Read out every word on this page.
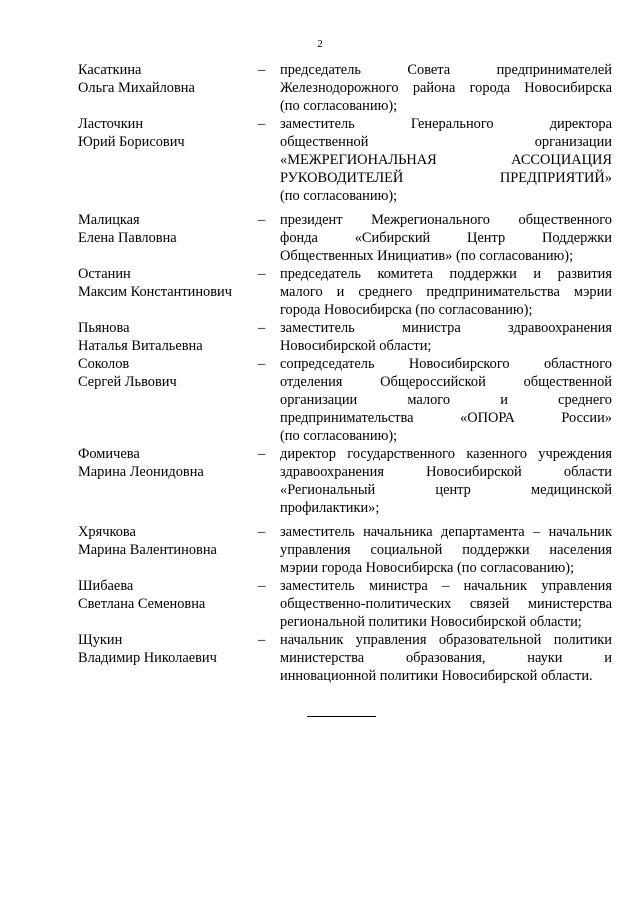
2
Касаткина
Ольга Михайловна
–	председатель Совета предпринимателей
Железнодорожного района города Новосибирска
(по согласованию);
Ласточкин
Юрий Борисович
–	заместитель Генерального директора
общественной организации
«МЕЖРЕГИОНАЛЬНАЯ АССОЦИАЦИЯ
РУКОВОДИТЕЛЕЙ ПРЕДПРИЯТИЙ»
(по согласованию);
Малицкая
Елена Павловна
–	президент Межрегионального общественного
фонда «Сибирский Центр Поддержки
Общественных Инициатив» (по согласованию);
Останин
Максим Константинович
–	председатель комитета поддержки и развития
малого и среднего предпринимательства мэрии
города Новосибирска (по согласованию);
Пьянова
Наталья Витальевна
–	заместитель министра здравоохранения
Новосибирской области;
Соколов
Сергей Львович
–	сопредседатель Новосибирского областного
отделения Общероссийской общественной
организации малого и среднего
предпринимательства «ОПОРА России»
(по согласованию);
Фомичева
Марина Леонидовна
–	директор государственного казенного учреждения
здравоохранения Новосибирской области
«Региональный центр медицинской
профилактики»;
Хрячкова
Марина Валентиновна
–	заместитель начальника департамента – начальник
управления социальной поддержки населения
мэрии города Новосибирска (по согласованию);
Шибаева
Светлана Семеновна
–	заместитель министра – начальник управления
общественно-политических связей министерства
региональной политики Новосибирской области;
Щукин
Владимир Николаевич
–	начальник управления образовательной политики
министерства образования, науки и
инновационной политики Новосибирской области.
